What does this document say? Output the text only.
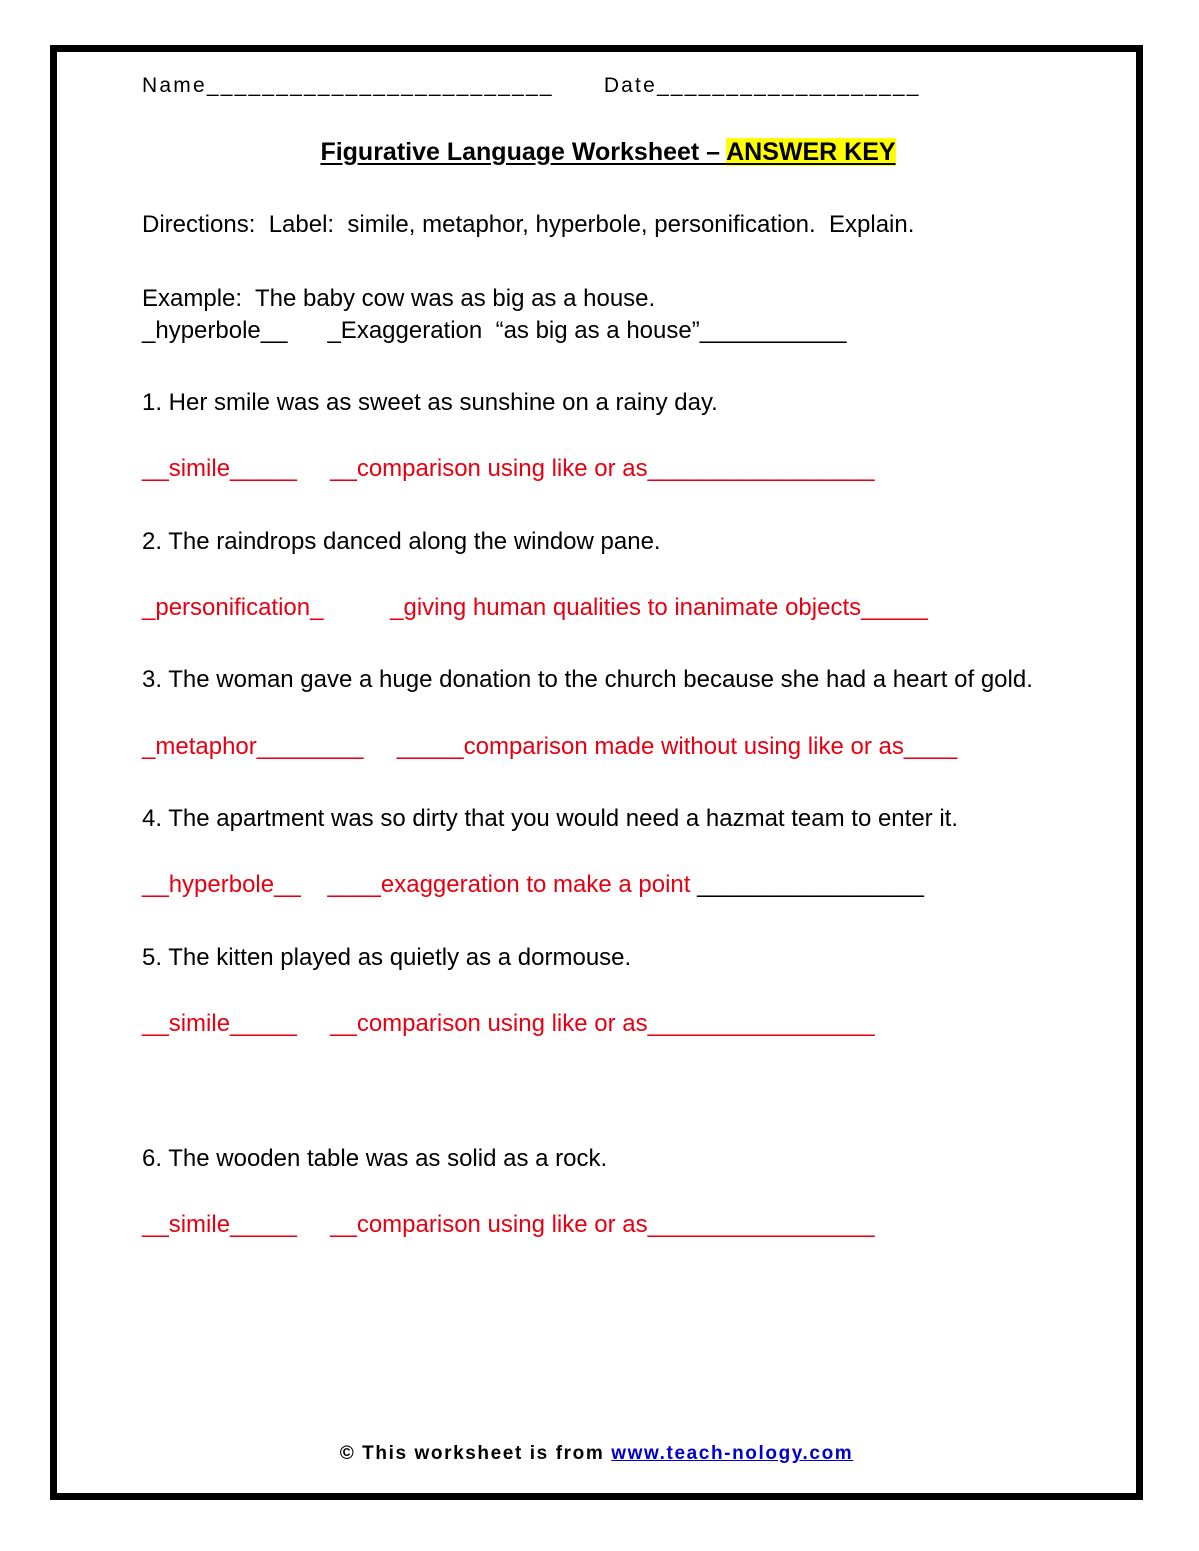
Name _________________________ Date ___________________
Figurative Language Worksheet – ANSWER KEY
Directions:  Label:  simile, metaphor, hyperbole, personification.  Explain.
Example:  The baby cow was as big as a house.
_hyperbole__      _Exaggeration  “as big as a house”___________
1. Her smile was as sweet as sunshine on a rainy day.
__simile_____     __comparison using like or as_________________
2. The raindrops danced along the window pane.
_personification_          _giving human qualities to inanimate objects_____
3. The woman gave a huge donation to the church because she had a heart of gold.
_metaphor________     _____comparison made without using like or as____
4. The apartment was so dirty that you would need a hazmat team to enter it.
__hyperbole__    ____exaggeration to make a point _________________
5. The kitten played as quietly as a dormouse.
__simile_____     __comparison using like or as_________________
6. The wooden table was as solid as a rock.
__simile_____     __comparison using like or as_________________
© This worksheet is from www.teach-nology.com
